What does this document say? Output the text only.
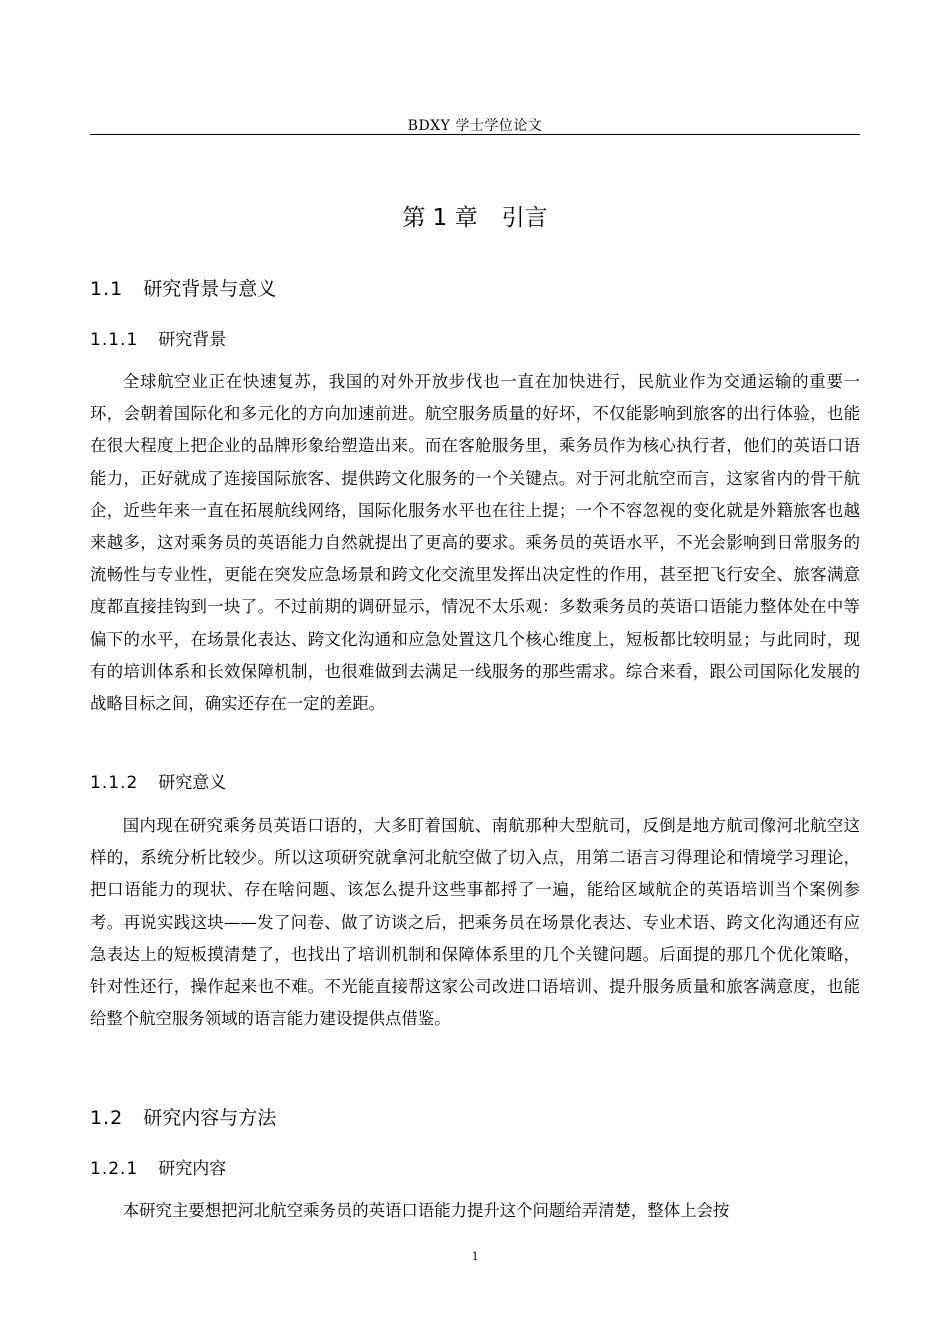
BDXY 学士学位论文
第 1 章 引言
1.1 研究背景与意义
1.1.1 研究背景

全球航空业正在快速复苏，我国的对外开放步伐也一直在加快进行，民航业作为交通运输的重要一环，会朝着国际化和多元化的方向加速前进。航空服务质量的好坏，不仅能影响到旅客的出行体验，也能在很大程度上把企业的品牌形象给塑造出来。而在客舱服务里，乘务员作为核心执行者，他们的英语口语能力，正好就成了连接国际旅客、提供跨文化服务的一个关键点。对于河北航空而言，这家省内的骨干航企，近些年来一直在拓展航线网络，国际化服务水平也在往上提；一个不容忽视的变化就是外籍旅客也越来越多，这对乘务员的英语能力自然就提出了更高的要求。乘务员的英语水平，不光会影响到日常服务的流畅性与专业性，更能在突发应急场景和跨文化交流里发挥出决定性的作用，甚至把飞行安全、旅客满意度都直接挂钩到一块了。不过前期的调研显示，情况不太乐观：多数乘务员的英语口语能力整体处在中等偏下的水平，在场景化表达、跨文化沟通和应急处置这几个核心维度上，短板都比较明显；与此同时，现有的培训体系和长效保障机制，也很难做到去满足一线服务的那些需求。综合来看，跟公司国际化发展的战略目标之间，确实还存在一定的差距。

1.1.2 研究意义

国内现在研究乘务员英语口语的，大多盯着国航、南航那种大型航司，反倒是地方航司像河北航空这样的，系统分析比较少。所以这项研究就拿河北航空做了切入点，用第二语言习得理论和情境学习理论，把口语能力的现状、存在啥问题、该怎么提升这些事都捋了一遍，能给区域航企的英语培训当个案例参考。再说实践这块——发了问卷、做了访谈之后，把乘务员在场景化表达、专业术语、跨文化沟通还有应急表达上的短板摸清楚了，也找出了培训机制和保障体系里的几个关键问题。后面提的那几个优化策略，针对性还行，操作起来也不难。不光能直接帮这家公司改进口语培训、提升服务质量和旅客满意度，也能给整个航空服务领域的语言能力建设提供点借鉴。

1.2 研究内容与方法
1.2.1 研究内容

本研究主要想把河北航空乘务员的英语口语能力提升这个问题给弄清楚，整体上会按

1
